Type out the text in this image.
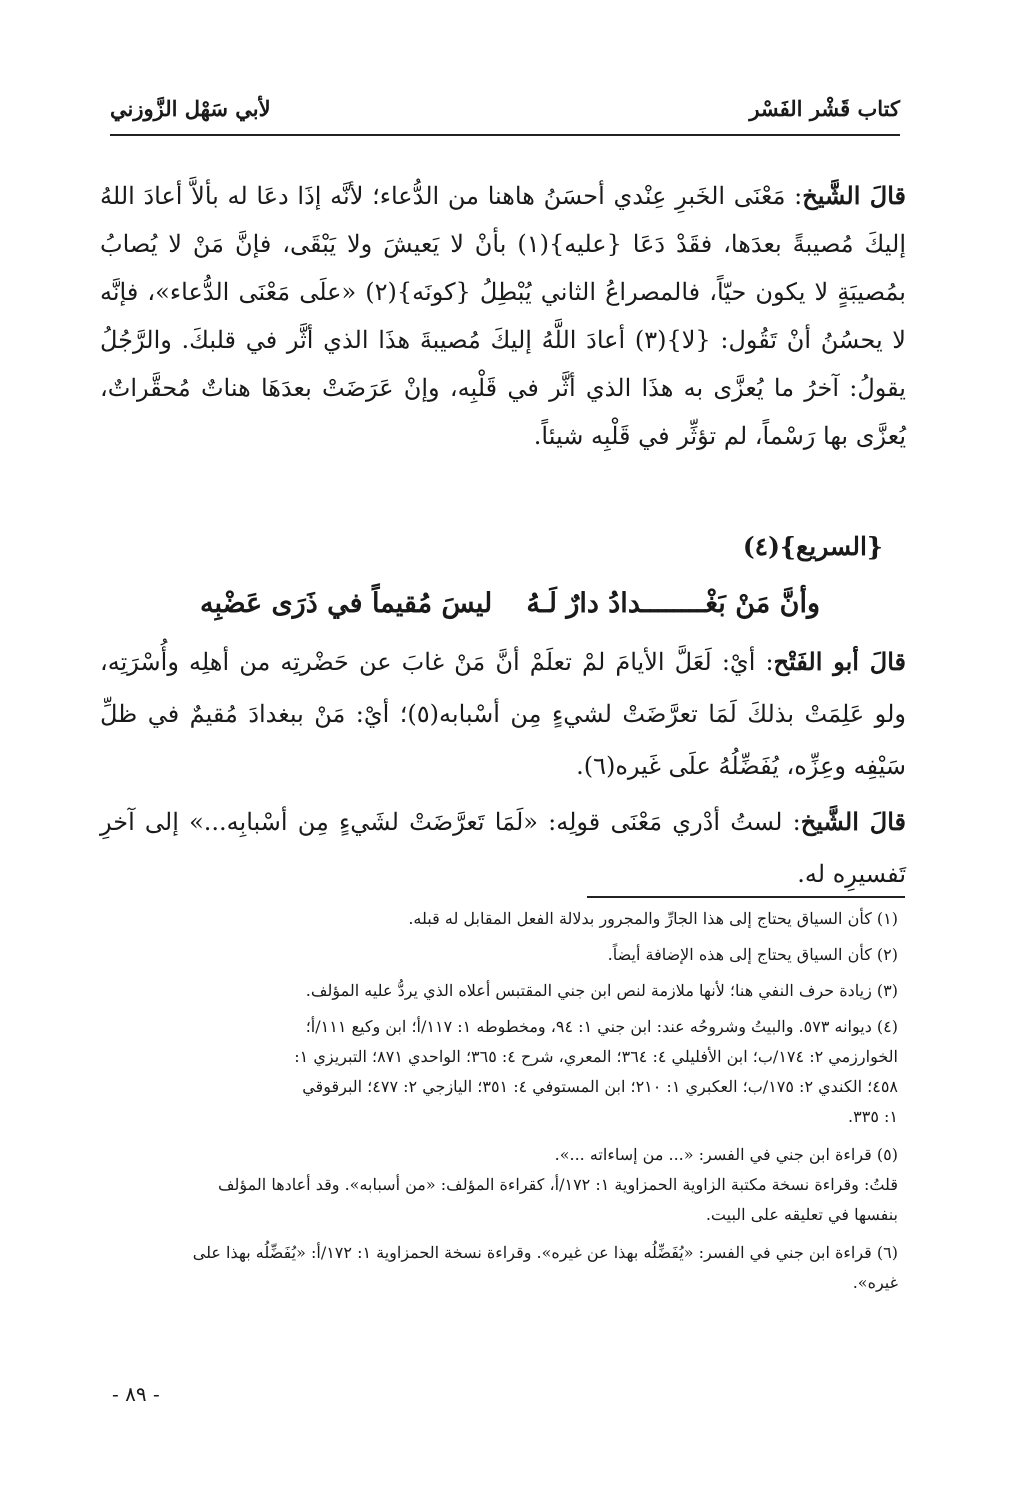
كتاب قَشْر الفَسْر
لأبي سَهْل الزَّوزني
قالَ الشَّيخ: مَعْنَى الخَبرِ عِنْدي أحسَنُ هاهنا من الدُّعاء؛ لأنَّه إذَا دعَا له بألاَّ أعادَ اللهُ إليكَ مُصيبةً بعدَها، فقَدْ دَعَا {عليه}(١) بأنْ لا يَعيشَ ولا يَبْقَى، فإنَّ مَنْ لا يُصابُ بمُصيبَةٍ لا يكون حيّاً، فالمصراعُ الثاني يُبْطِلُ {كونَه}(٢) «علَى مَعْنَى الدُّعاء»، فإنَّه لا يحسُنُ أنْ تَقُول: {لا}(٣) أعادَ اللَّهُ إليكَ مُصيبةَ هذَا الذي أثَّر في قلبكَ. والرَّجُلُ يقولُ: آخرُ ما يُعزَّى به هذَا الذي أثَّر في قَلْبِه، وإنْ عَرَضَتْ بعدَهَا هناتٌ مُحقَّراتٌ، يُعزَّى بها رَسْماً، لم تؤثِّر في قَلْبِه شيئاً.
{السريع}(٤)
وأنَّ مَنْ بَغْــــــــدادُ دارٌ لَـهُ
ليسَ مُقيماً في ذَرَى عَضْبِه
قالَ أبو الفَتْح: أيْ: لَعَلَّ الأيامَ لمْ تعلَمْ أنَّ مَنْ غابَ عن حَضْرتِه من أهلِه وأُسْرَتِه، ولو عَلِمَتْ بذلكَ لَمَا تعرَّضَتْ لشيءٍ مِن أسْبابه(٥)؛ أيْ: مَنْ ببغدادَ مُقيمٌ في ظلِّ سَيْفِه وعِزِّه، يُفَضِّلُهُ علَى غَيره(٦).
قالَ الشَّيخ: لستُ أدْري مَعْنَى قولِه: «لَمَا تَعرَّضَتْ لشَيءٍ مِن أسْبابِه...» إلى آخرِ تَفسيرِه له.
(١) كأن السياق يحتاج إلى هذا الجارِّ والمجرور بدلالة الفعل المقابل له قبله.
(٢) كأن السياق يحتاج إلى هذه الإضافة أيضاً.
(٣) زيادة حرف النفي هنا؛ لأنها ملازمة لنص ابن جني المقتبس أعلاه الذي يردُّ عليه المؤلف.
(٤) ديوانه ٥٧٣. والبيتُ وشروحُه عند: ابن جني ١: ٩٤، ومخطوطه ١: ١١٧/أ؛ ابن وكيع ١١١/أ؛
الخوارزمي ٢: ١٧٤/ب؛ ابن الأفليلي ٤: ٣٦٤؛ المعري، شرح ٤: ٣٦٥؛ الواحدي ٨٧١؛ التبريزي ١:
٤٥٨؛ الكندي ٢: ١٧٥/ب؛ العكبري ١: ٢١٠؛ ابن المستوفي ٤: ٣٥١؛ اليازجي ٢: ٤٧٧؛ البرقوقي
١: ٣٣٥.
(٥) قراءة ابن جني في الفسر: «... من إساءاته ...».
قلتُ: وقراءة نسخة مكتبة الزاوية الحمزاوية ١: ١٧٢/أ، كقراءة المؤلف: «من أسبابه». وقد أعادها المؤلف
بنفسها في تعليقه على البيت.
(٦) قراءة ابن جني في الفسر: «يُفَضِّلُه بهذا عن غيره». وقراءة نسخة الحمزاوية ١: ١٧٢/أ: «يُفَضِّلُه بهذا على
غيره».
- ٨٩ -
